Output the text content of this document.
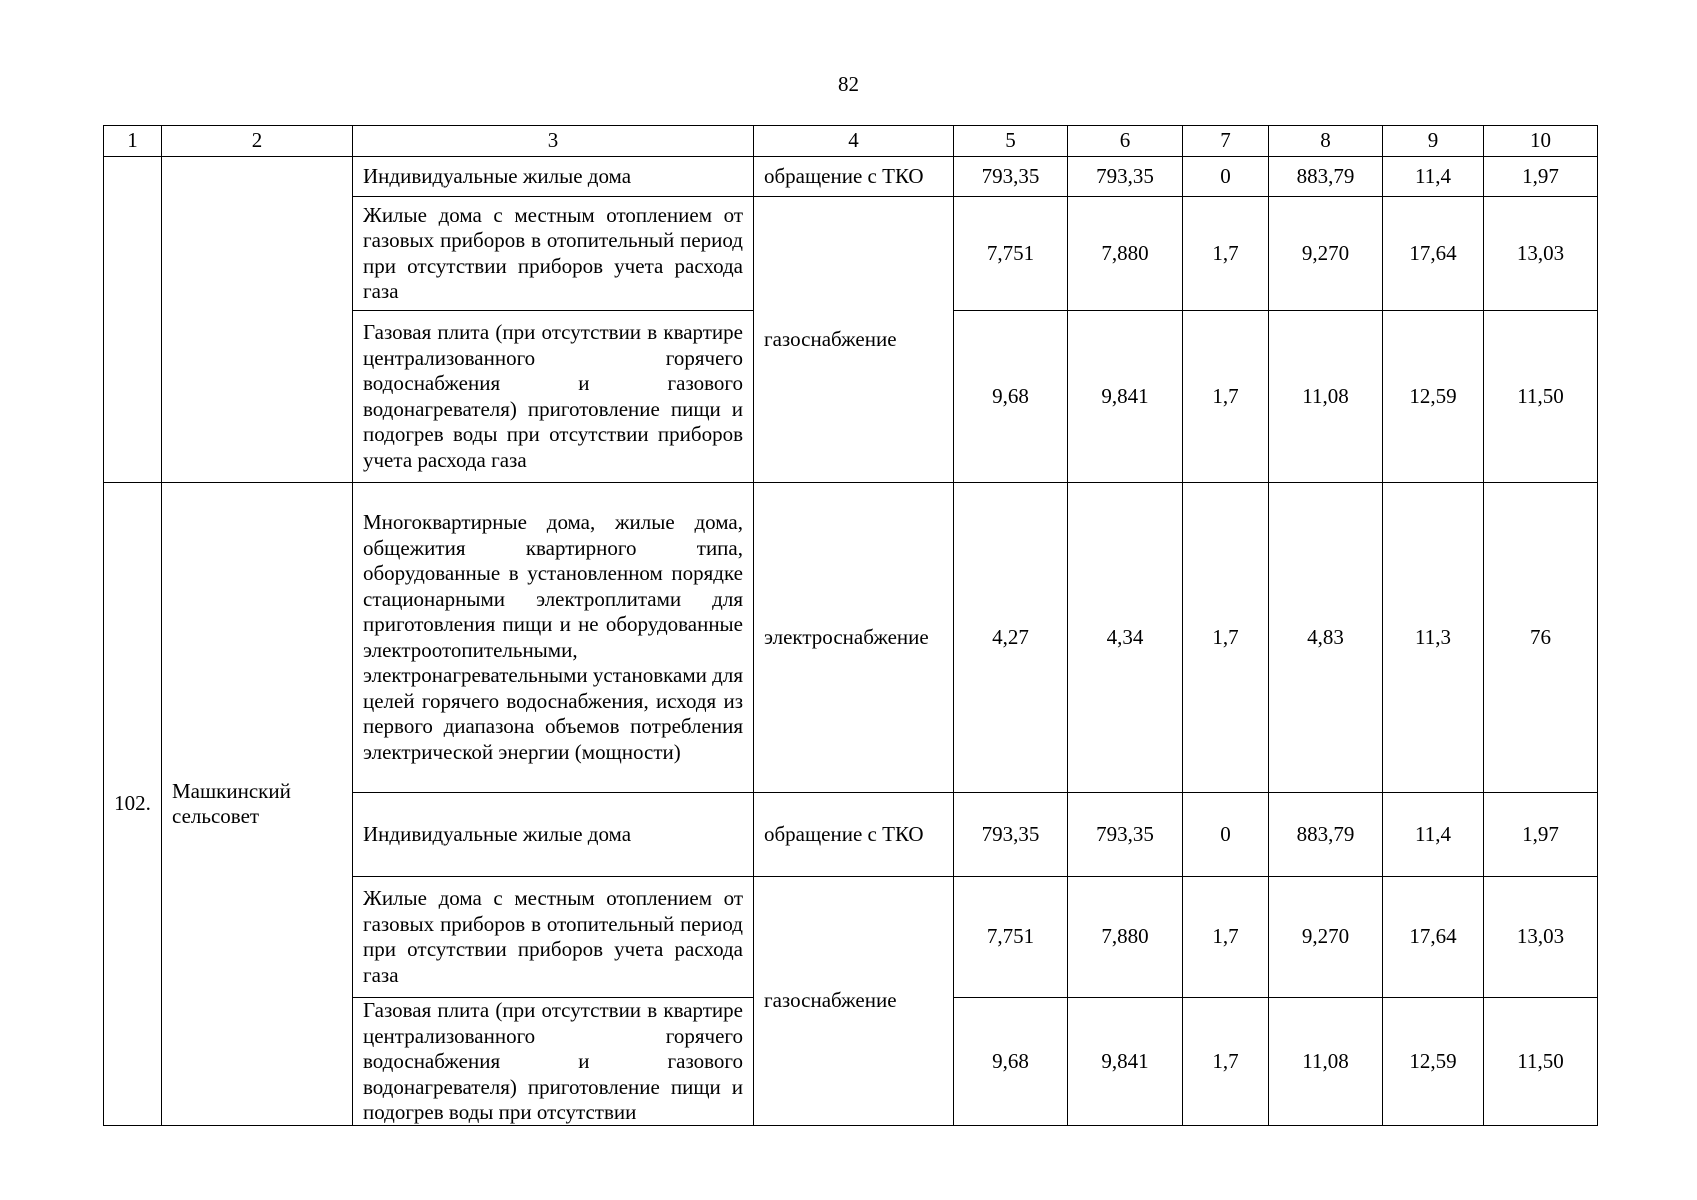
82
1	2	3	4	5	6	7	8	9	10
		Индивидуальные жилые дома	обращение с ТКО	793,35	793,35	0	883,79	11,4	1,97
		Жилые дома с местным отоплением от газовых приборов в отопительный период при отсутствии приборов учета расхода газа	газоснабжение	7,751	7,880	1,7	9,270	17,64	13,03
		Газовая плита (при отсутствии в квартире централизованного горячего водоснабжения и газового водонагревателя) приготовление пищи и подогрев воды при отсутствии приборов учета расхода газа		9,68	9,841	1,7	11,08	12,59	11,50
102.	Машкинский сельсовет	Многоквартирные дома, жилые дома, общежития квартирного типа, оборудованные в установленном порядке стационарными электроплитами для приготовления пищи и не оборудованные электроотопительными, электронагревательными установками для целей горячего водоснабжения, исходя из первого диапазона объемов потребления электрической энергии (мощности)	электроснабжение	4,27	4,34	1,7	4,83	11,3	76
		Индивидуальные жилые дома	обращение с ТКО	793,35	793,35	0	883,79	11,4	1,97
		Жилые дома с местным отоплением от газовых приборов в отопительный период при отсутствии приборов учета расхода газа	газоснабжение	7,751	7,880	1,7	9,270	17,64	13,03

		Газовая плита (при отсутствии в квартире централизованного горячего водоснабжения и газового водонагревателя) приготовление пищи и подогрев воды при отсутствии		9,68	9,841	1,7	11,08	12,59	11,50
